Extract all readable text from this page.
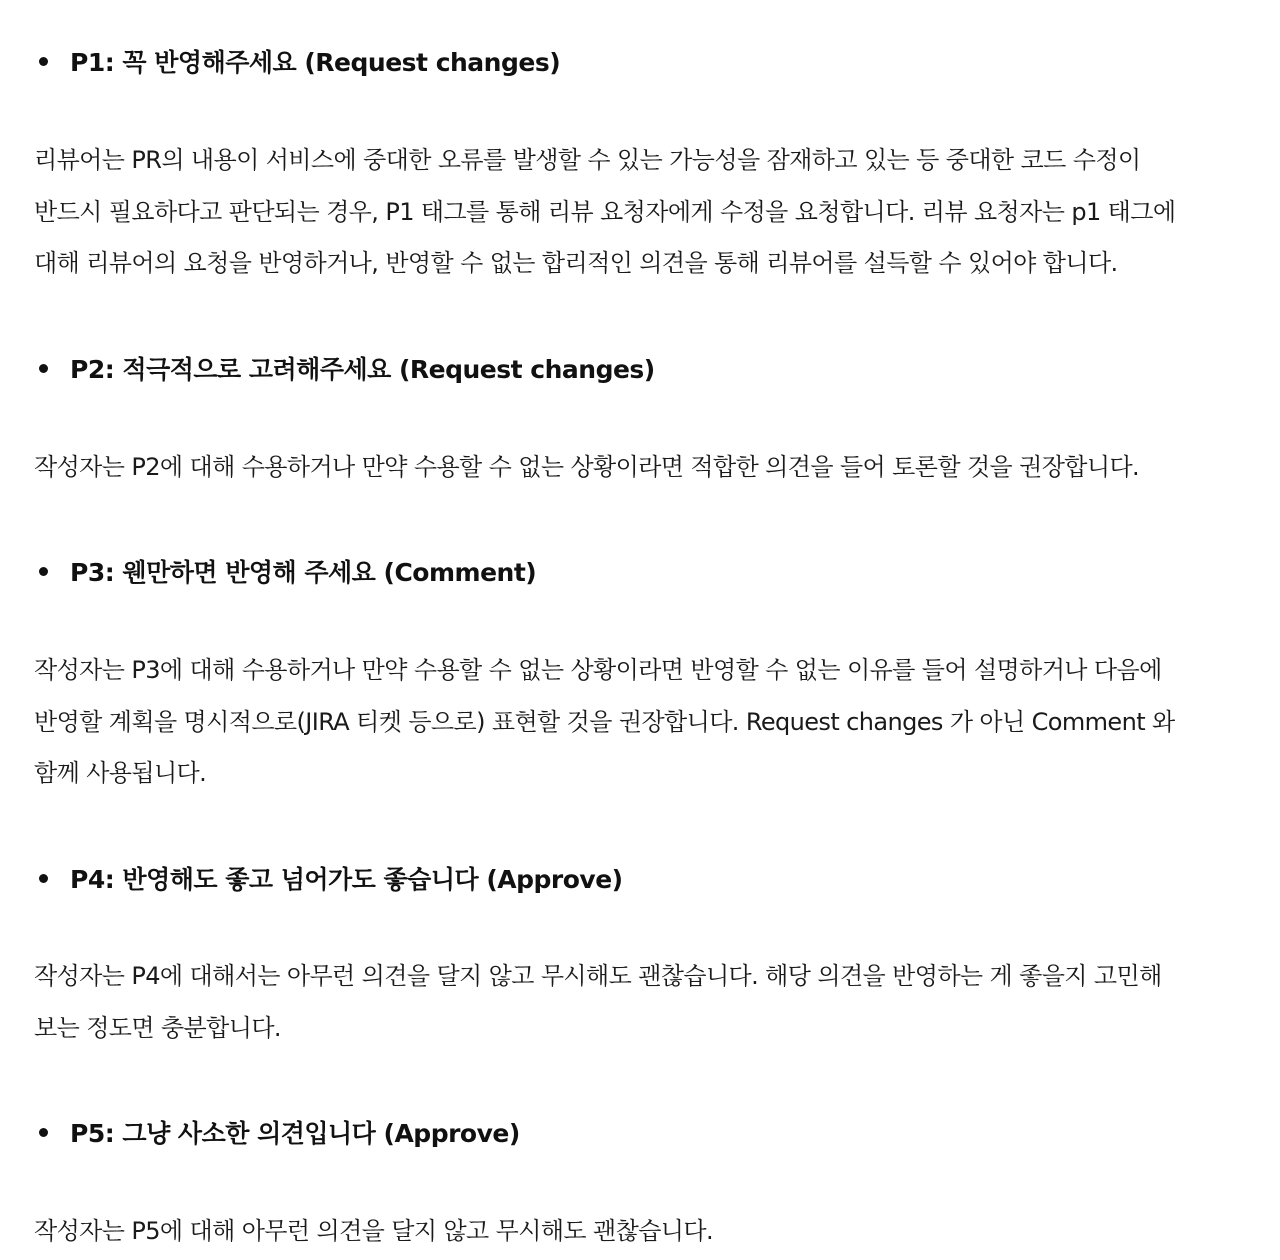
P1: 꼭 반영해주세요 (Request changes)
리뷰어는 PR의 내용이 서비스에 중대한 오류를 발생할 수 있는 가능성을 잠재하고 있는 등 중대한 코드 수정이
반드시 필요하다고 판단되는 경우, P1 태그를 통해 리뷰 요청자에게 수정을 요청합니다. 리뷰 요청자는 p1 태그에
대해 리뷰어의 요청을 반영하거나, 반영할 수 없는 합리적인 의견을 통해 리뷰어를 설득할 수 있어야 합니다.
P2: 적극적으로 고려해주세요 (Request changes)
작성자는 P2에 대해 수용하거나 만약 수용할 수 없는 상황이라면 적합한 의견을 들어 토론할 것을 권장합니다.
P3: 웬만하면 반영해 주세요 (Comment)
작성자는 P3에 대해 수용하거나 만약 수용할 수 없는 상황이라면 반영할 수 없는 이유를 들어 설명하거나 다음에
반영할 계획을 명시적으로(JIRA 티켓 등으로) 표현할 것을 권장합니다. Request changes 가 아닌 Comment 와
함께 사용됩니다.
P4: 반영해도 좋고 넘어가도 좋습니다 (Approve)
작성자는 P4에 대해서는 아무런 의견을 달지 않고 무시해도 괜찮습니다. 해당 의견을 반영하는 게 좋을지 고민해
보는 정도면 충분합니다.
P5: 그냥 사소한 의견입니다 (Approve)
작성자는 P5에 대해 아무런 의견을 달지 않고 무시해도 괜찮습니다.
